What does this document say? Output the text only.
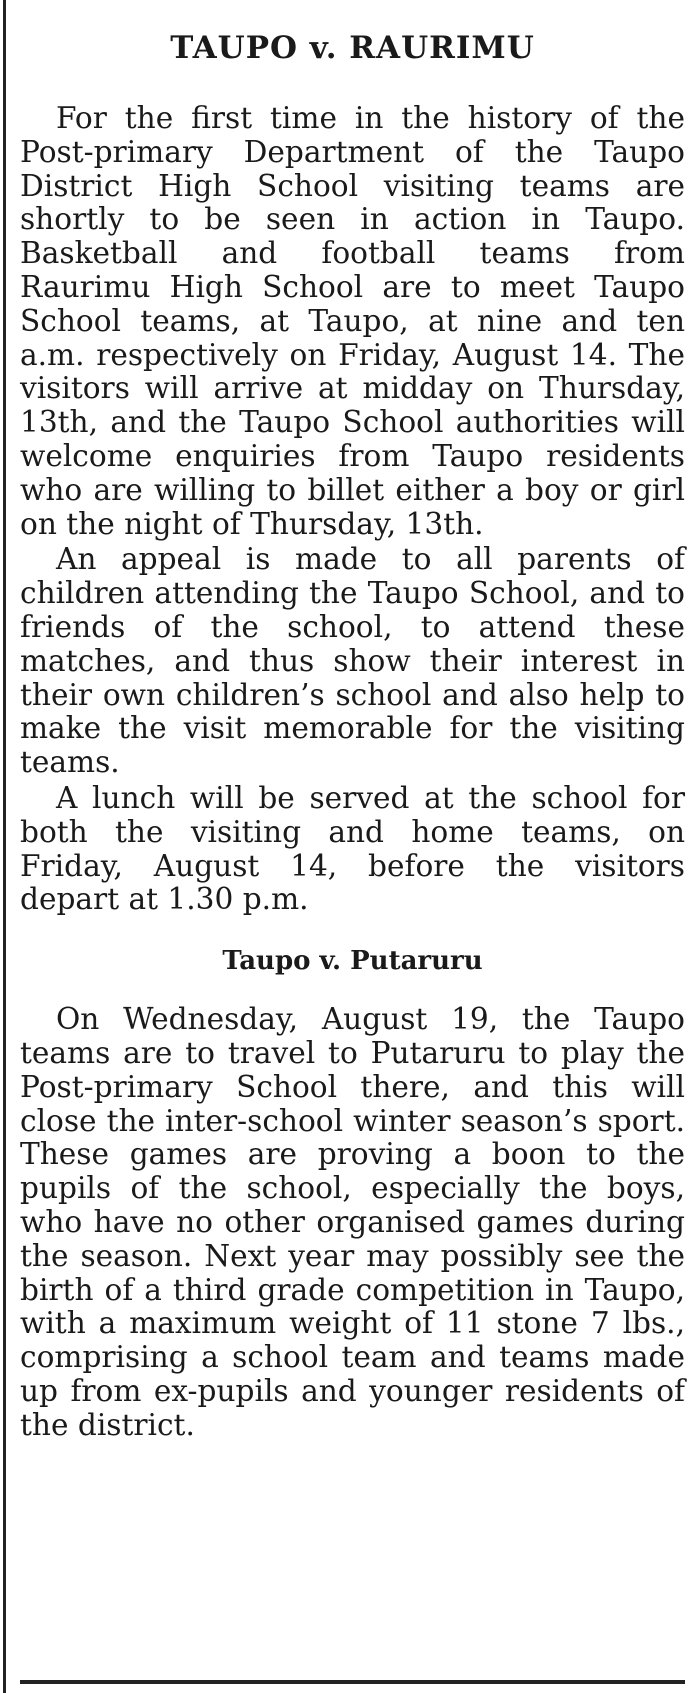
TAUPO v. RAURIMU

For the first time in the history of the Post-primary Department of the Taupo District High School visiting teams are shortly to be seen in action in Taupo. Basketball and football teams from Raurimu High School are to meet Taupo School teams, at Taupo, at nine and ten a.m. respectively on Friday, August 14. The visitors will arrive at midday on Thursday, 13th, and the Taupo School authorities will welcome enquiries from Taupo residents who are willing to billet either a boy or girl on the night of Thursday, 13th.

An appeal is made to all parents of children attending the Taupo School, and to friends of the school, to attend these matches, and thus show their interest in their own children’s school and also help to make the visit memorable for the visiting teams.

A lunch will be served at the school for both the visiting and home teams, on Friday, August 14, before the visitors depart at 1.30 p.m.

Taupo v. Putaruru

On Wednesday, August 19, the Taupo teams are to travel to Putaruru to play the Post-primary School there, and this will close the inter-school winter season’s sport. These games are proving a boon to the pupils of the school, especially the boys, who have no other organised games during the season. Next year may possibly see the birth of a third grade competition in Taupo, with a maximum weight of 11 stone 7 lbs., comprising a school team and teams made up from ex-pupils and younger residents of the district.
